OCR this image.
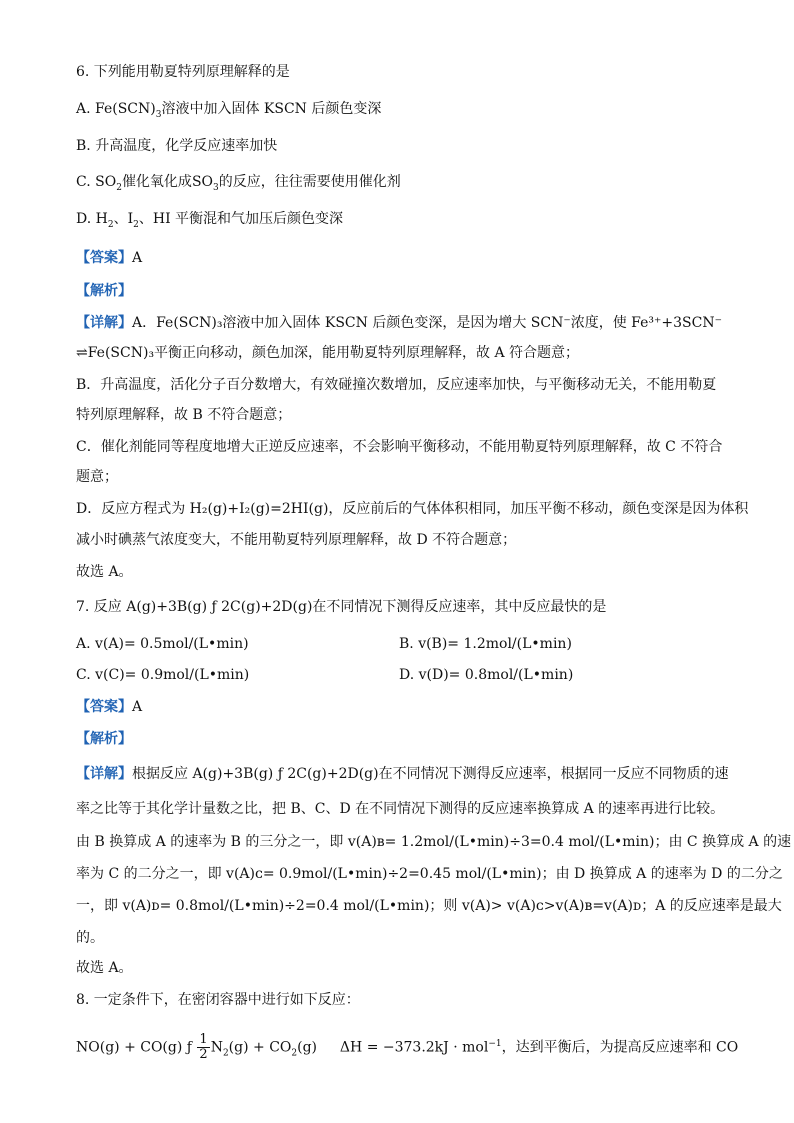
6. 下列能用勒夏特列原理解释的是
A. $Fe(SCN)_3$溶液中加入固体 KSCN 后颜色变深
B. 升高温度，化学反应速率加快
C. $SO_2$催化氧化成$SO_3$的反应，往往需要使用催化剂
D. $H_2$、$I_2$、HI 平衡混和气加压后颜色变深
【答案】A
【解析】
【详解】A．Fe(SCN)₃溶液中加入固体 KSCN 后颜色变深，是因为增大 SCN⁻浓度，使 Fe³⁺+3SCN⁻
⇌Fe(SCN)₃平衡正向移动，颜色加深，能用勒夏特列原理解释，故 A 符合题意；
B．升高温度，活化分子百分数增大，有效碰撞次数增加，反应速率加快，与平衡移动无关，不能用勒夏
特列原理解释，故 B 不符合题意；
C．催化剂能同等程度地增大正逆反应速率，不会影响平衡移动，不能用勒夏特列原理解释，故 C 不符合
题意；
D．反应方程式为 H₂(g)+I₂(g)=2HI(g)，反应前后的气体体积相同，加压平衡不移动，颜色变深是因为体积
减小时碘蒸气浓度变大，不能用勒夏特列原理解释，故 D 不符合题意；
故选 A。
7. 反应 A(g)+3B(g) ƒ 2C(g)+2D(g)在不同情况下测得反应速率，其中反应最快的是
A. v(A)= 0.5mol/(L•min)	B. v(B)= 1.2mol/(L•min)
C. v(C)= 0.9mol/(L•min)	D. v(D)= 0.8mol/(L•min)
【答案】A
【解析】
【详解】根据反应 A(g)+3B(g) ƒ 2C(g)+2D(g)在不同情况下测得反应速率，根据同一反应不同物质的速
率之比等于其化学计量数之比，把 B、C、D 在不同情况下测得的反应速率换算成 A 的速率再进行比较。
由 B 换算成 A 的速率为 B 的三分之一，即 v(A)ʙ= 1.2mol/(L•min)÷3=0.4 mol/(L•min)；由 C 换算成 A 的速
率为 C 的二分之一，即 v(A)ᴄ= 0.9mol/(L•min)÷2=0.45 mol/(L•min)；由 D 换算成 A 的速率为 D 的二分之
一，即 v(A)ᴅ= 0.8mol/(L•min)÷2=0.4 mol/(L•min)；则 v(A)> v(A)ᴄ>v(A)ʙ=v(A)ᴅ；A 的反应速率是最大
的。
故选 A。
8. 一定条件下，在密闭容器中进行如下反应：
NO(g) + CO(g) ƒ $\frac{1}{2} N_2(g) + CO_2(g) \Delta H = -373.2kJ \cdot mol^{-1}$，达到平衡后，为提高反应速率和 CO
